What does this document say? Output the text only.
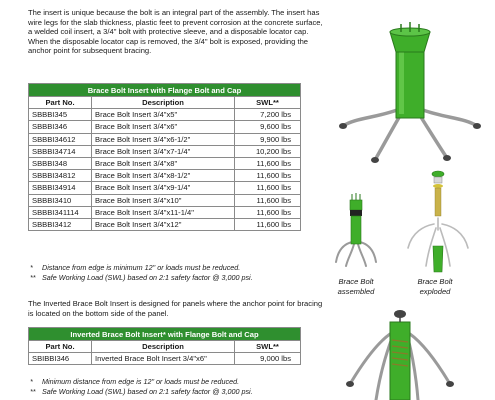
The insert is unique because the bolt is an integral part of the assembly. The insert has wire legs for the slab thickness, plastic feet to prevent corrosion at the concrete surface, a welded coil insert, a 3/4" bolt with protective sleeve, and a disposable locator cap. When the disposable locator cap is removed, the 3/4" bolt is exposed, providing the anchor point for subsequent bracing.
Brace Bolt Insert with Flange Bolt and Cap		
Part No.	Description	SWL**
SBBBI345	Brace Bolt Insert 3/4"x5"	7,200 lbs
SBBBI346	Brace Bolt Insert 3/4"x6"	9,600 lbs
SBBBI34612	Brace Bolt Insert 3/4"x6-1/2"	9,900 lbs
SBBBI34714	Brace Bolt Insert 3/4"x7-1/4"	10,200 lbs
SBBBI348	Brace Bolt Insert 3/4"x8"	11,600 lbs
SBBBI34812	Brace Bolt Insert 3/4"x8-1/2"	11,600 lbs
SBBBI34914	Brace Bolt Insert 3/4"x9-1/4"	11,600 lbs
SBBBI3410	Brace Bolt Insert 3/4"x10"	11,600 lbs
SBBBI341114	Brace Bolt Insert 3/4"x11-1/4"	11,600 lbs
SBBBI3412	Brace Bolt Insert 3/4"x12"	11,600 lbs
* Distance from edge is minimum 12" or loads must be reduced.
** Safe Working Load (SWL) based on 2:1 safety factor @ 3,000 psi.
The Inverted Brace Bolt Insert is designed for panels where the anchor point for bracing is located on the bottom side of the panel.
Inverted Brace Bolt Insert* with Flange Bolt and Cap		
Part No.	Description	SWL**
SBIBBI346	Inverted Brace Bolt Insert 3/4"x6"	9,000 lbs
* Minimum distance from edge is 12" or loads must be reduced.
** Safe Working Load (SWL) based on 2:1 safety factor @ 3,000 psi.
Brace Bolt
assembled
Brace Bolt
exploded
